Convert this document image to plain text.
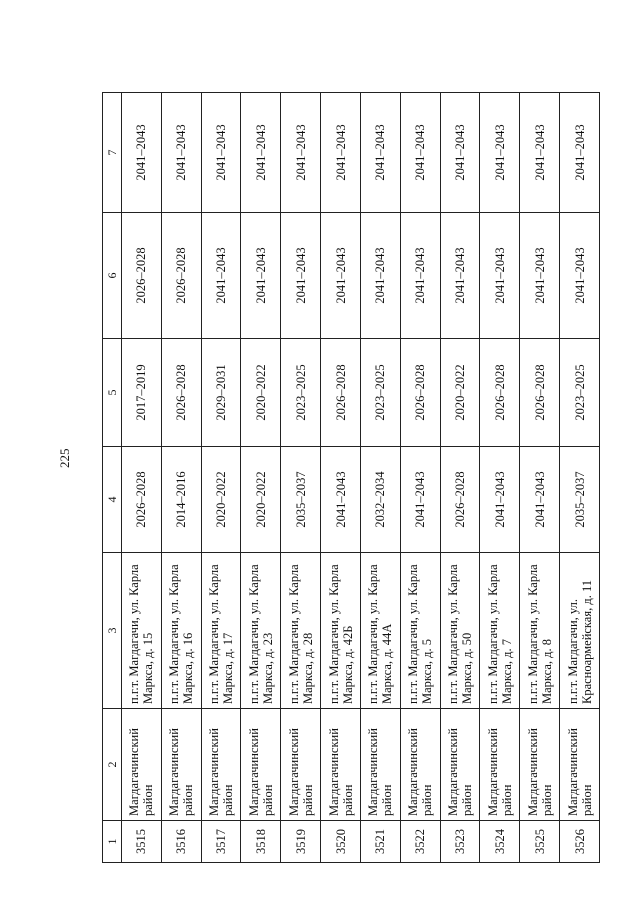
225
1	2	3	4	5	6	7
3515	Магдагачинский район	п.г.т. Магдагачи, ул. Карла Маркса, д. 15	2026–2028	2017–2019	2026–2028	2041–2043
3516	Магдагачинский район	п.г.т. Магдагачи, ул. Карла Маркса, д. 16	2014–2016	2026–2028	2026–2028	2041–2043
3517	Магдагачинский район	п.г.т. Магдагачи, ул. Карла Маркса, д. 17	2020–2022	2029–2031	2041–2043	2041–2043
3518	Магдагачинский район	п.г.т. Магдагачи, ул. Карла Маркса, д. 23	2020–2022	2020–2022	2041–2043	2041–2043
3519	Магдагачинский район	п.г.т. Магдагачи, ул. Карла Маркса, д. 28	2035–2037	2023–2025	2041–2043	2041–2043
3520	Магдагачинский район	п.г.т. Магдагачи, ул. Карла Маркса, д. 42Б	2041–2043	2026–2028	2041–2043	2041–2043
3521	Магдагачинский район	п.г.т. Магдагачи, ул. Карла Маркса, д. 44А	2032–2034	2023–2025	2041–2043	2041–2043
3522	Магдагачинский район	п.г.т. Магдагачи, ул. Карла Маркса, д. 5	2041–2043	2026–2028	2041–2043	2041–2043
3523	Магдагачинский район	п.г.т. Магдагачи, ул. Карла Маркса, д. 50	2026–2028	2020–2022	2041–2043	2041–2043
3524	Магдагачинский район	п.г.т. Магдагачи, ул. Карла Маркса, д. 7	2041–2043	2026–2028	2041–2043	2041–2043
3525	Магдагачинский район	п.г.т. Магдагачи, ул. Карла Маркса, д. 8	2041–2043	2026–2028	2041–2043	2041–2043
3526	Магдагачинский район	п.г.т. Магдагачи, ул. Красноармейская, д. 11	2035–2037	2023–2025	2041–2043	2041–2043
